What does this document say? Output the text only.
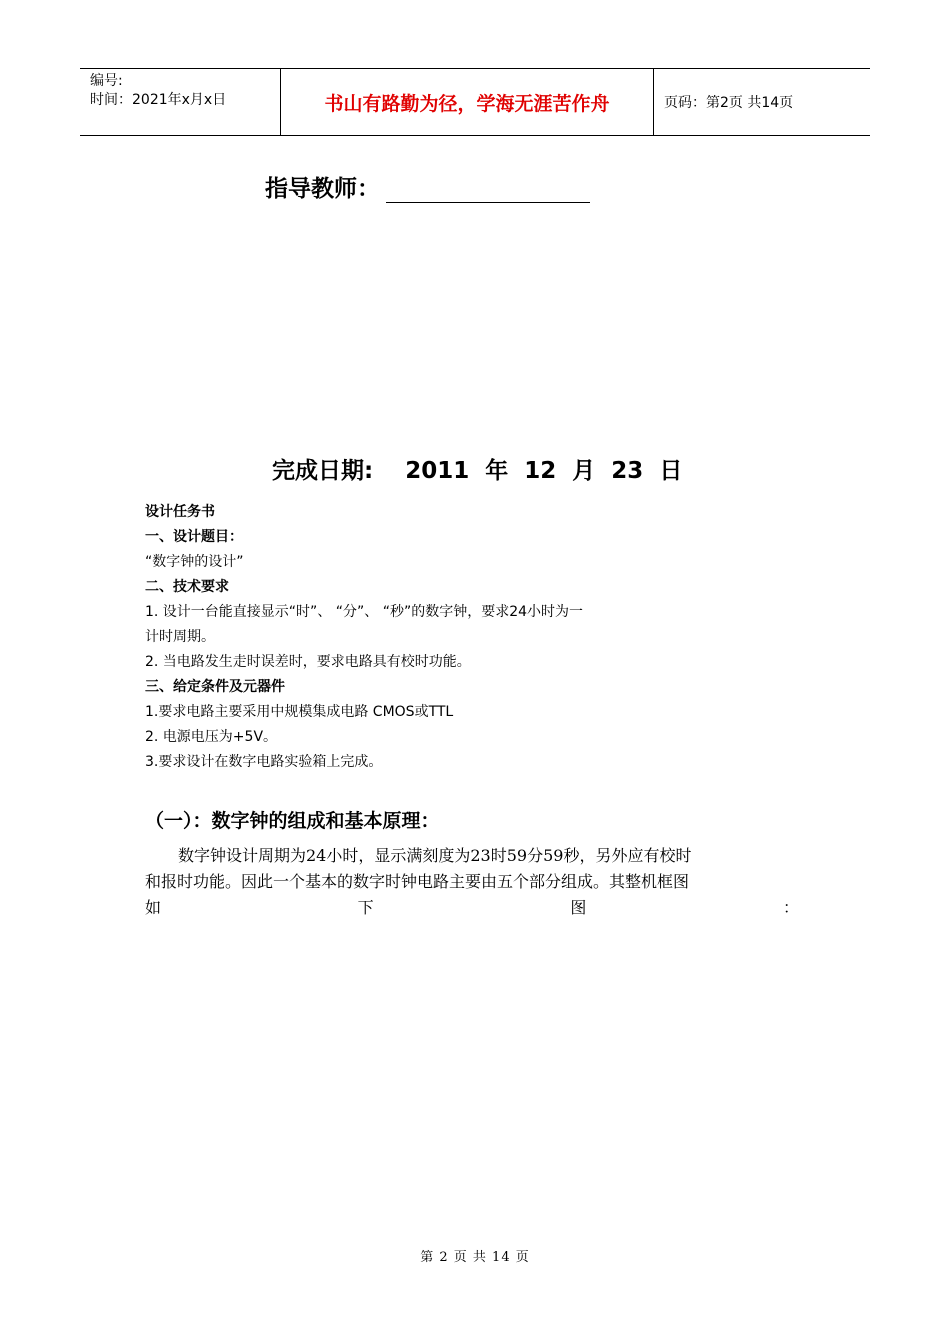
编号:
时间：2021年x月x日	书山有路勤为径，学海无涯苦作舟	页码：第2页 共14页
指导教师：
完成日期:    2011  年  12  月  23  日

设计任务书

一、设计题目：

“数字钟的设计”

二、技术要求

1. 设计一台能直接显示“时”、 “分”、 “秒”的数字钟，要求24小时为一

计时周期。

2. 当电路发生走时误差时，要求电路具有校时功能。

三、给定条件及元器件

1.要求电路主要采用中规模集成电路 CMOS或TTL

2. 电源电压为+5V。

3.要求设计在数字电路实验箱上完成。

（一）：数字钟的组成和基本原理：

数字钟设计周期为24小时，显示满刻度为23时59分59秒，另外应有校时

和报时功能。因此一个基本的数字时钟电路主要由五个部分组成。其整机框图

如	下	图	：

第 2 页 共 14 页
